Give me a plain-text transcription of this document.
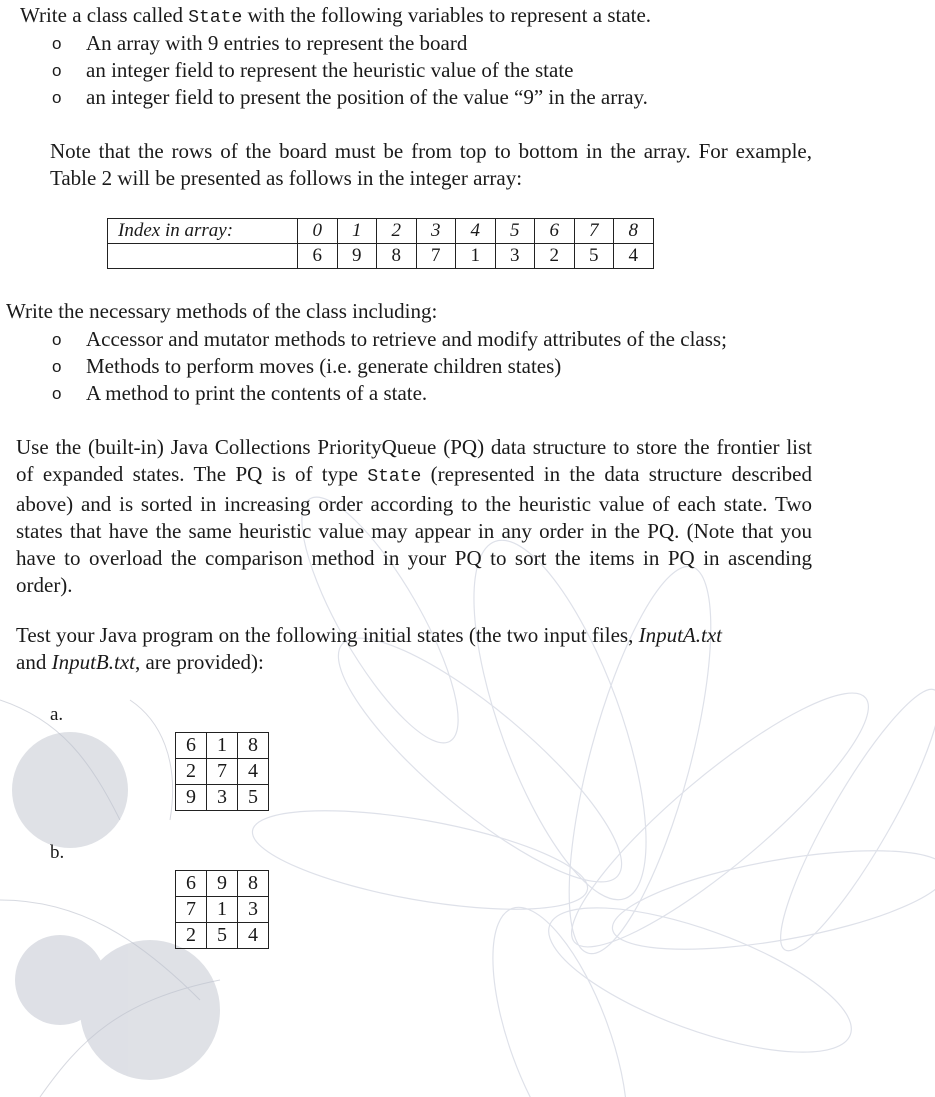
Write a class called State with the following variables to represent a state.

o An array with 9 entries to represent the board
o an integer field to represent the heuristic value of the state
o an integer field to present the position of the value “9” in the array.

Note that the rows of the board must be from top to bottom in the array. For example, Table 2 will be presented as follows in the integer array:

Index in array:	0	1	2	3	4	5	6	7	8
	6	9	8	7	1	3	2	5	4

Write the necessary methods of the class including:

o Accessor and mutator methods to retrieve and modify attributes of the class;
o Methods to perform moves (i.e. generate children states)
o A method to print the contents of a state.

Use the (built-in) Java Collections PriorityQueue (PQ) data structure to store the frontier list of expanded states. The PQ is of type State (represented in the data structure described above) and is sorted in increasing order according to the heuristic value of each state. Two states that have the same heuristic value may appear in any order in the PQ. (Note that you have to overload the comparison method in your PQ to sort the items in PQ in ascending order).

Test your Java program on the following initial states (the two input files, InputA.txt
and InputB.txt, are provided):

a.
6	1	8
2	7	4
9	3	5
b.
6	9	8
7	1	3
2	5	4
